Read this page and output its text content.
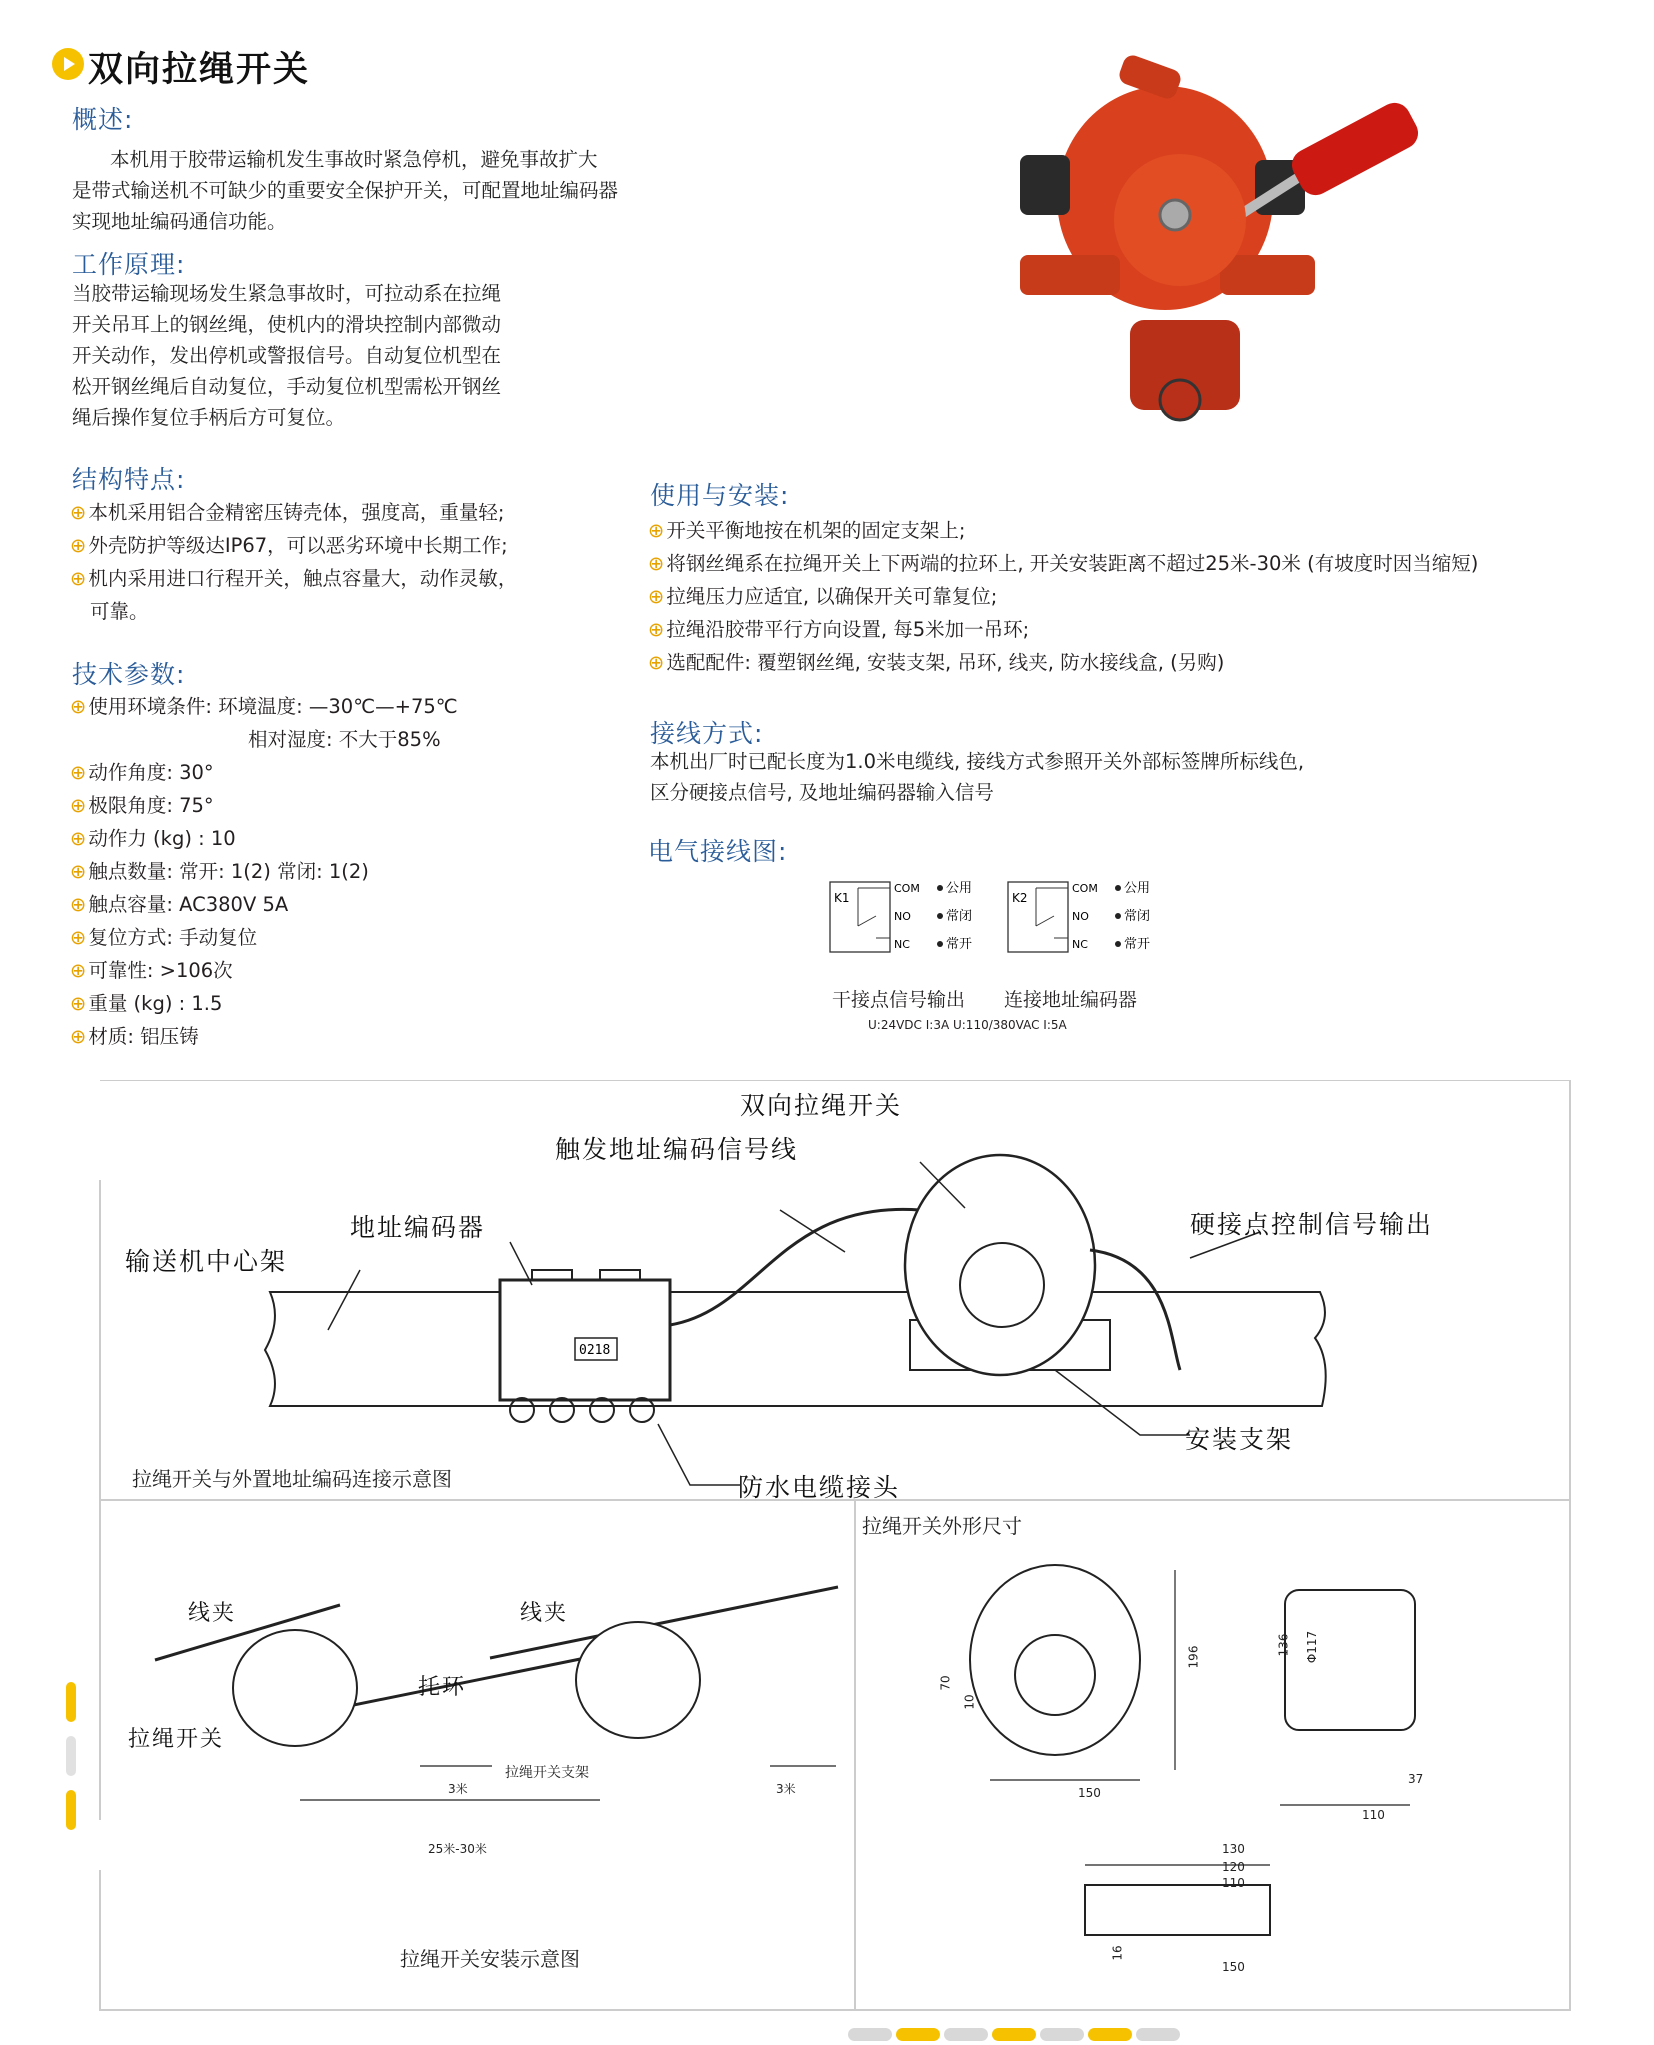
双向拉绳开关
概述:
本机用于胶带运输机发生事故时紧急停机，避免事故扩大
是带式输送机不可缺少的重要安全保护开关，可配置地址编码器
实现地址编码通信功能。
工作原理:
当胶带运输现场发生紧急事故时，可拉动系在拉绳
开关吊耳上的钢丝绳，使机内的滑块控制内部微动
开关动作，发出停机或警报信号。自动复位机型在
松开钢丝绳后自动复位，手动复位机型需松开钢丝
绳后操作复位手柄后方可复位。
结构特点:
⊕ 本机采用铝合金精密压铸壳体，强度高，重量轻;
⊕ 外壳防护等级达IP67，可以恶劣环境中长期工作;
⊕ 机内采用进口行程开关，触点容量大，动作灵敏，
可靠。
技术参数:
⊕ 使用环境条件: 环境温度: —30℃—+75℃
相对湿度: 不大于85%
⊕ 动作角度: 30°
⊕ 极限角度: 75°
⊕ 动作力 (kg) : 10
⊕ 触点数量: 常开: 1(2) 常闭: 1(2)
⊕ 触点容量: AC380V 5A
⊕ 复位方式: 手动复位
⊕ 可靠性: >106次
⊕ 重量 (kg) : 1.5
⊕ 材质: 铝压铸
使用与安装:
⊕ 开关平衡地按在机架的固定支架上;
⊕ 将钢丝绳系在拉绳开关上下两端的拉环上, 开关安装距离不超过25米-30米 (有坡度时因当缩短)
⊕ 拉绳压力应适宜, 以确保开关可靠复位;
⊕ 拉绳沿胶带平行方向设置, 每5米加一吊环;
⊕ 选配配件: 覆塑钢丝绳, 安装支架, 吊环, 线夹, 防水接线盒, (另购)
接线方式:
本机出厂时已配长度为1.0米电缆线, 接线方式参照开关外部标签牌所标线色,
区分硬接点信号, 及地址编码器输入信号
电气接线图:
K1
COM
NO
NC
公用
常闭
常开
K2
COM
NO
NC
公用
常闭
常开
干接点信号输出 连接地址编码器
U:24VDC I:3A U:110/380VAC I:5A
0218
双向拉绳开关
触发地址编码信号线
硬接点控制信号输出
地址编码器
输送机中心架
安装支架
防水电缆接头
拉绳开关与外置地址编码连接示意图
线夹	线夹
托环
拉绳开关
拉绳开关支架
3米	3米
25米-30米
拉绳开关安装示意图
拉绳开关外形尺寸
196
70
10
150
136 Φ117
37
110
130
120
110
16
150
